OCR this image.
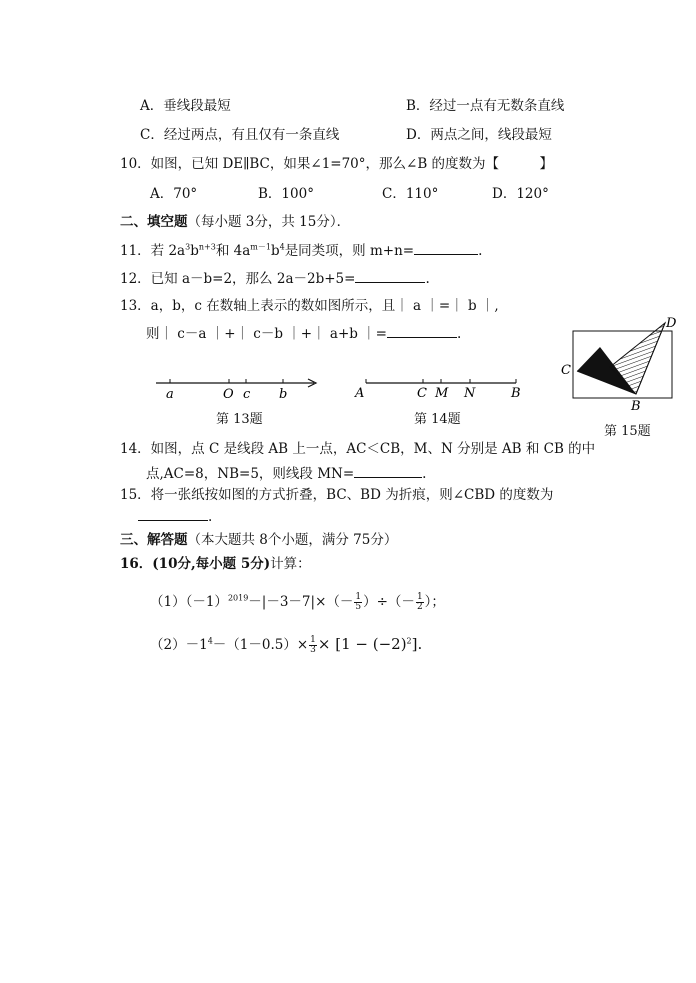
A．垂线段最短	B．经过一点有无数条直线
C．经过两点，有且仅有一条直线	D．两点之间，线段最短
10．如图，已知 DE∥BC，如果∠1=70°，那么∠B 的度数为【　　　】
A．70°	B．100°	C．110°	D．120°
二、填空题（每小题 3分，共 15分）．
11．若 $2a^3b^{n+3}$和 $4a^{m-1}b^4$是同类项，则 m+n=	.
12．已知 a－b=2，那么 2a－2b+5=	.
13．a，b，c 在数轴上表示的数如图所示，且｜ a ｜=｜ b ｜,
则｜ c－a ｜+｜ c－b ｜+｜ a+b ｜=	.
a	O c b
第 13题
A	C M N	B
第 14题
C
D
B
第 15题
14．如图，点 C 是线段 AB 上一点，AC＜CB，M、N 分别是 AB 和 CB 的中
点,AC=8，NB=5，则线段 MN=	.
15．将一张纸按如图的方式折叠，BC、BD 为折痕，则∠CBD 的度数为
.
三、解答题（本大题共 8个小题，满分 75分）
16．(10分,每小题 5分)计算：
$(1)(-1)^{2019}-|-3-7|\times(- \frac{1}{5}$ ）÷（－ $\frac{1}{2}$ ）；
$(2)-1^4-(1-0.5)\times \frac{1}{3} \times [1 - (-2)^2]$.
